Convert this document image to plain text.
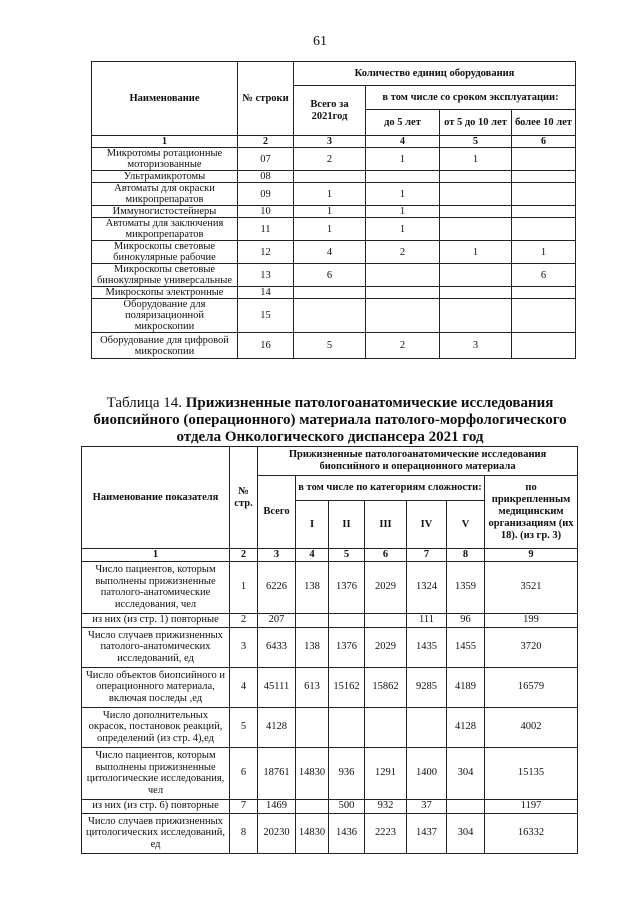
61
Наименование	№ строки	Количество единиц оборудования			
		Всего за 2021год	в том числе со сроком эксплуатации:		
			до 5 лет	от 5 до 10 лет	более 10 лет
1	2	3	4	5	6
Микротомы ротационные моторизованные	07	2	1	1	
Ультрамикротомы	08				
Автоматы для окраски микропрепаратов	09	1	1		
Иммуногистостейнеры	10	1	1		
Автоматы для заключения микропрепаратов	11	1	1		
Микроскопы световые бинокулярные рабочие	12	4	2	1	1
Микроскопы световые бинокулярные универсальные	13	6			6
Микроскопы электронные	14				
Оборудование для поляризационной микроскопии	15				
Оборудование для цифровой микроскопии	16	5	2	3	
Таблица 14. Прижизненные патологоанатомические исследования биопсийного (операционного) материала патолого-морфологического отдела Онкологического диспансера 2021 год
Наименование показателя	№ стр.	Прижизненные патологоанатомические исследования биопсийного и операционного материала						
		Всего	в том числе по категориям сложности:					по прикрепленным медицинским организациям (их 18). (из гр. 3)
			I	II	III	IV	V	
1	2	3	4	5	6	7	8	9
Число пациентов, которым выполнены прижизненные патолого-анатомические исследования, чел	1	6226	138	1376	2029	1324	1359	3521
из них (из стр. 1) повторные	2	207				111	96	199
Число случаев прижизненных патолого-анатомических исследований, ед	3	6433	138	1376	2029	1435	1455	3720
Число объектов биопсийного и операционного материала, включая последы ,ед	4	45111	613	15162	15862	9285	4189	16579
Число дополнительных окрасок, постановок реакций, определений (из стр. 4),ед	5	4128					4128	4002
Число пациентов, которым выполнены прижизненные цитологические исследования, чел	6	18761	14830	936	1291	1400	304	15135
из них (из стр. 6) повторные	7	1469		500	932	37		1197
Число случаев прижизненных цитологических исследований, ед	8	20230	14830	1436	2223	1437	304	16332
